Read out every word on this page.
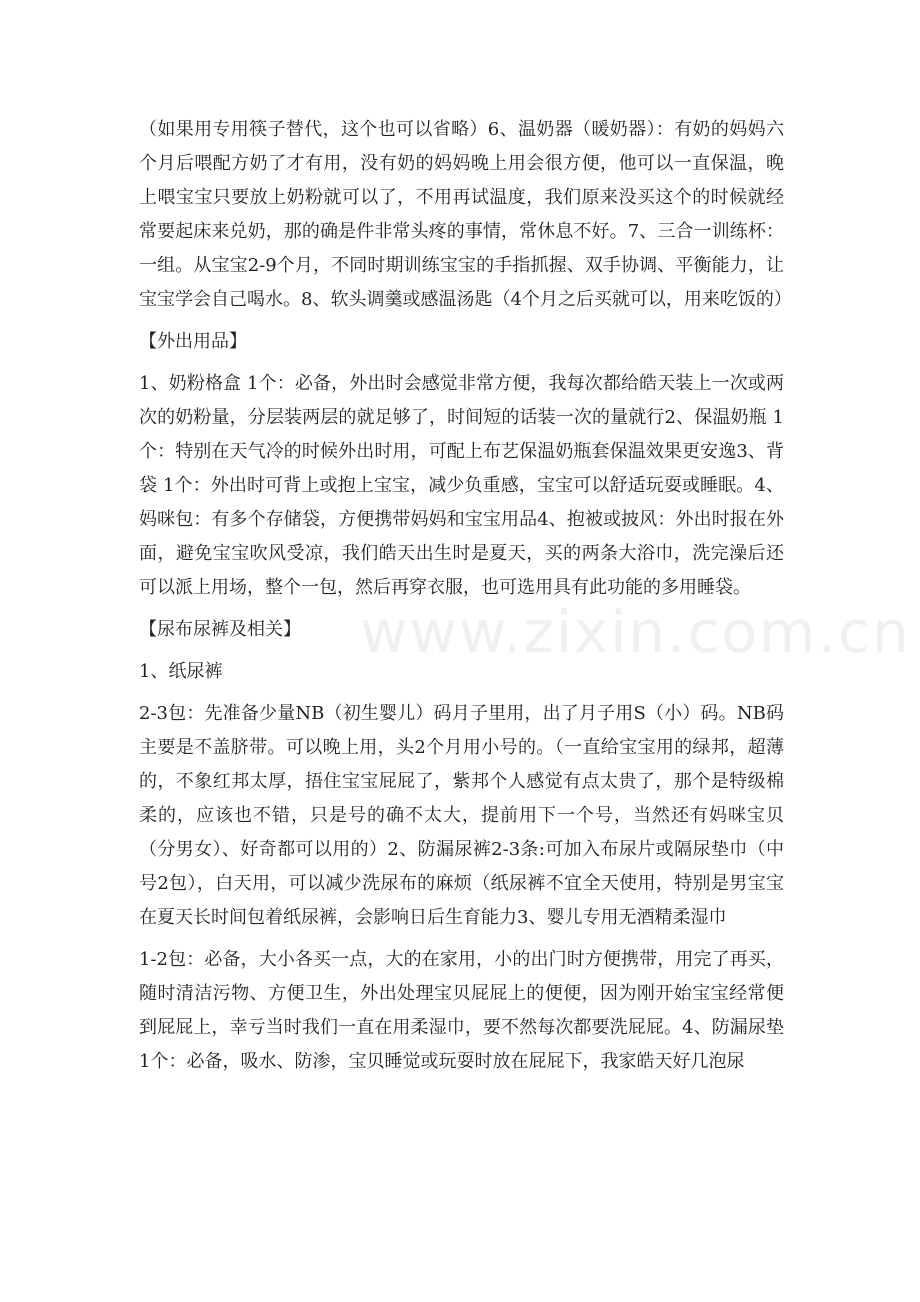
www.zixin.com.cn

（如果用专用筷子替代，这个也可以省略）6、温奶器（暖奶器）：有奶的妈妈六个月后喂配方奶了才有用，没有奶的妈妈晚上用会很方便，他可以一直保温，晚上喂宝宝只要放上奶粉就可以了，不用再试温度，我们原来没买这个的时候就经常要起床来兑奶，那的确是件非常头疼的事情，常休息不好。7、三合一训练杯：一组。从宝宝2-9个月，不同时期训练宝宝的手指抓握、双手协调、平衡能力，让宝宝学会自己喝水。8、软头调羹或感温汤匙（4个月之后买就可以，用来吃饭的）

【外出用品】

1、奶粉格盒 1个：必备，外出时会感觉非常方便，我每次都给皓天装上一次或两次的奶粉量，分层装两层的就足够了，时间短的话装一次的量就行2、保温奶瓶 1个：特别在天气冷的时候外出时用，可配上布艺保温奶瓶套保温效果更安逸3、背袋 1个：外出时可背上或抱上宝宝，减少负重感，宝宝可以舒适玩耍或睡眠。4、妈咪包：有多个存储袋，方便携带妈妈和宝宝用品4、抱被或披风：外出时报在外面，避免宝宝吹风受凉，我们皓天出生时是夏天，买的两条大浴巾，洗完澡后还可以派上用场，整个一包，然后再穿衣服，也可选用具有此功能的多用睡袋。

【尿布尿裤及相关】

1、纸尿裤

2-3包：先准备少量NB（初生婴儿）码月子里用，出了月子用S（小）码。NB码主要是不盖脐带。可以晚上用，头2个月用小号的。（一直给宝宝用的绿邦，超薄的，不象红邦太厚，捂住宝宝屁屁了，紫邦个人感觉有点太贵了，那个是特级棉柔的，应该也不错，只是号的确不太大，提前用下一个号，当然还有妈咪宝贝（分男女）、好奇都可以用的）2、防漏尿裤2-3条:可加入布尿片或隔尿垫巾（中号2包），白天用，可以减少洗尿布的麻烦（纸尿裤不宜全天使用，特别是男宝宝在夏天长时间包着纸尿裤，会影响日后生育能力3、婴儿专用无酒精柔湿巾

1-2包：必备，大小各买一点，大的在家用，小的出门时方便携带，用完了再买，随时清洁污物、方便卫生，外出处理宝贝屁屁上的便便，因为刚开始宝宝经常便到屁屁上，幸亏当时我们一直在用柔湿巾，要不然每次都要洗屁屁。4、防漏尿垫 1个：必备，吸水、防渗，宝贝睡觉或玩耍时放在屁屁下，我家皓天好几泡尿
